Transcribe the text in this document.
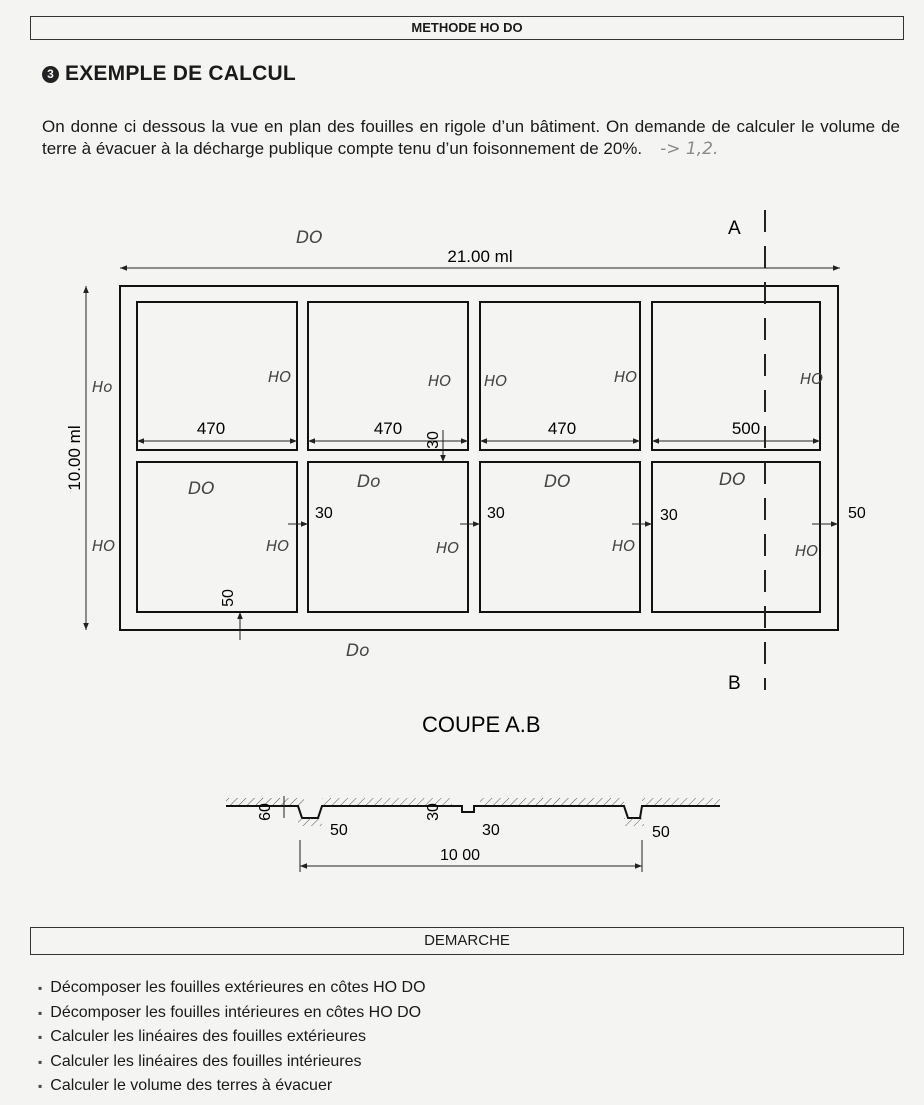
METHODE HO DO
3 EXEMPLE DE CALCUL
On donne ci dessous la vue en plan des fouilles en rigole d’un bâtiment. On demande de calculer le volume de terre à évacuer à la décharge publique compte tenu d’un foisonnement de 20%. -> 1,2.
21.00 ml
10.00 ml	470	470	470	500
30
30	30	30	50
50
A
B
COUPE A.B
DO
DO	Do	DO	DO
Do
Ho
HO	HO	HO	HO
HO	HO	HO	HO	HO
HO
60	30
50	30	50
10 00
DEMARCHE
▪ Décomposer les fouilles extérieures en côtes HO DO
▪ Décomposer les fouilles intérieures en côtes HO DO
▪ Calculer les linéaires des fouilles extérieures
▪ Calculer les linéaires des fouilles intérieures
▪ Calculer le volume des terres à évacuer
